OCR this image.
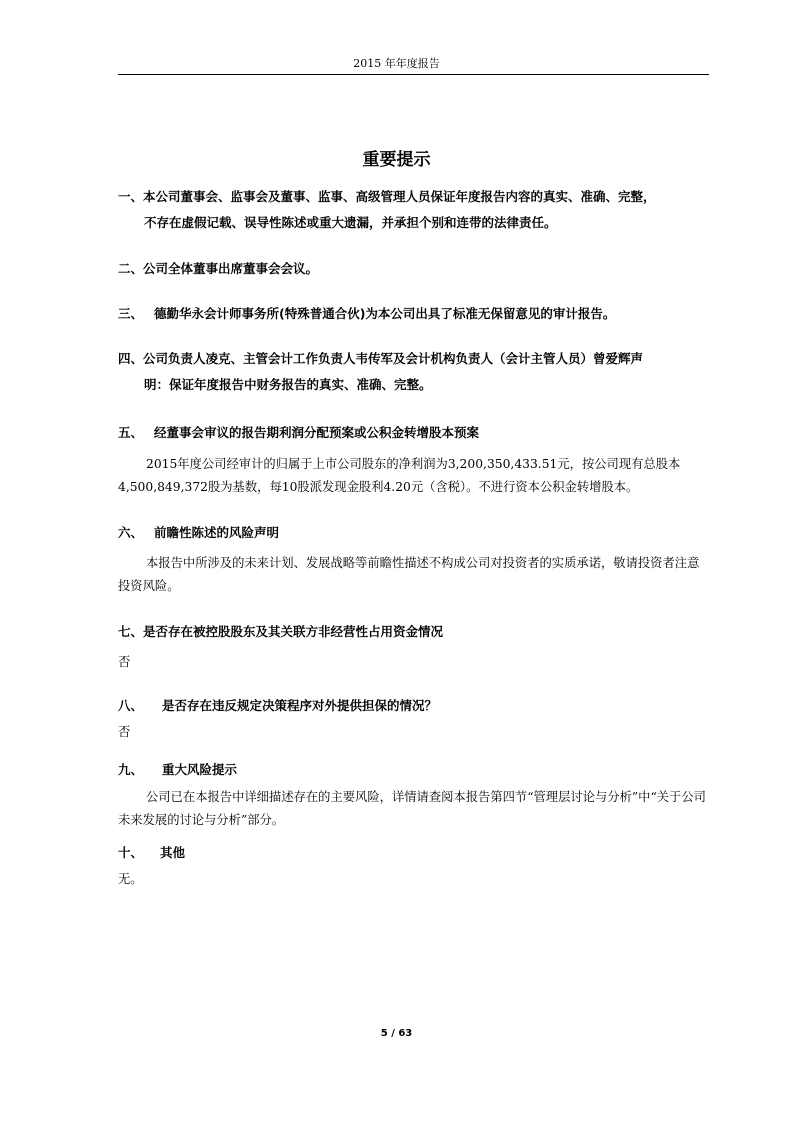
2015 年年度报告
重要提示
一、本公司董事会、监事会及董事、监事、高级管理人员保证年度报告内容的真实、准确、完整，
不存在虚假记载、误导性陈述或重大遗漏，并承担个别和连带的法律责任。
二、公司全体董事出席董事会会议。
三、 德勤华永会计师事务所(特殊普通合伙)为本公司出具了标准无保留意见的审计报告。
四、公司负责人凌克、主管会计工作负责人韦传军及会计机构负责人（会计主管人员）曾爱辉声
明：保证年度报告中财务报告的真实、准确、完整。
五、 经董事会审议的报告期利润分配预案或公积金转增股本预案
2015年度公司经审计的归属于上市公司股东的净利润为3,200,350,433.51元，按公司现有总股本4,500,849,372股为基数，每10股派发现金股利4.20元（含税）。不进行资本公积金转增股本。
六、 前瞻性陈述的风险声明
本报告中所涉及的未来计划、发展战略等前瞻性描述不构成公司对投资者的实质承诺，敬请投资者注意投资风险。
七、是否存在被控股股东及其关联方非经营性占用资金情况
否
八、 是否存在违反规定决策程序对外提供担保的情况？
否
九、 重大风险提示
公司已在本报告中详细描述存在的主要风险，详情请查阅本报告第四节“管理层讨论与分析”中“关于公司未来发展的讨论与分析”部分。
十、 其他
无。
5 / 63
